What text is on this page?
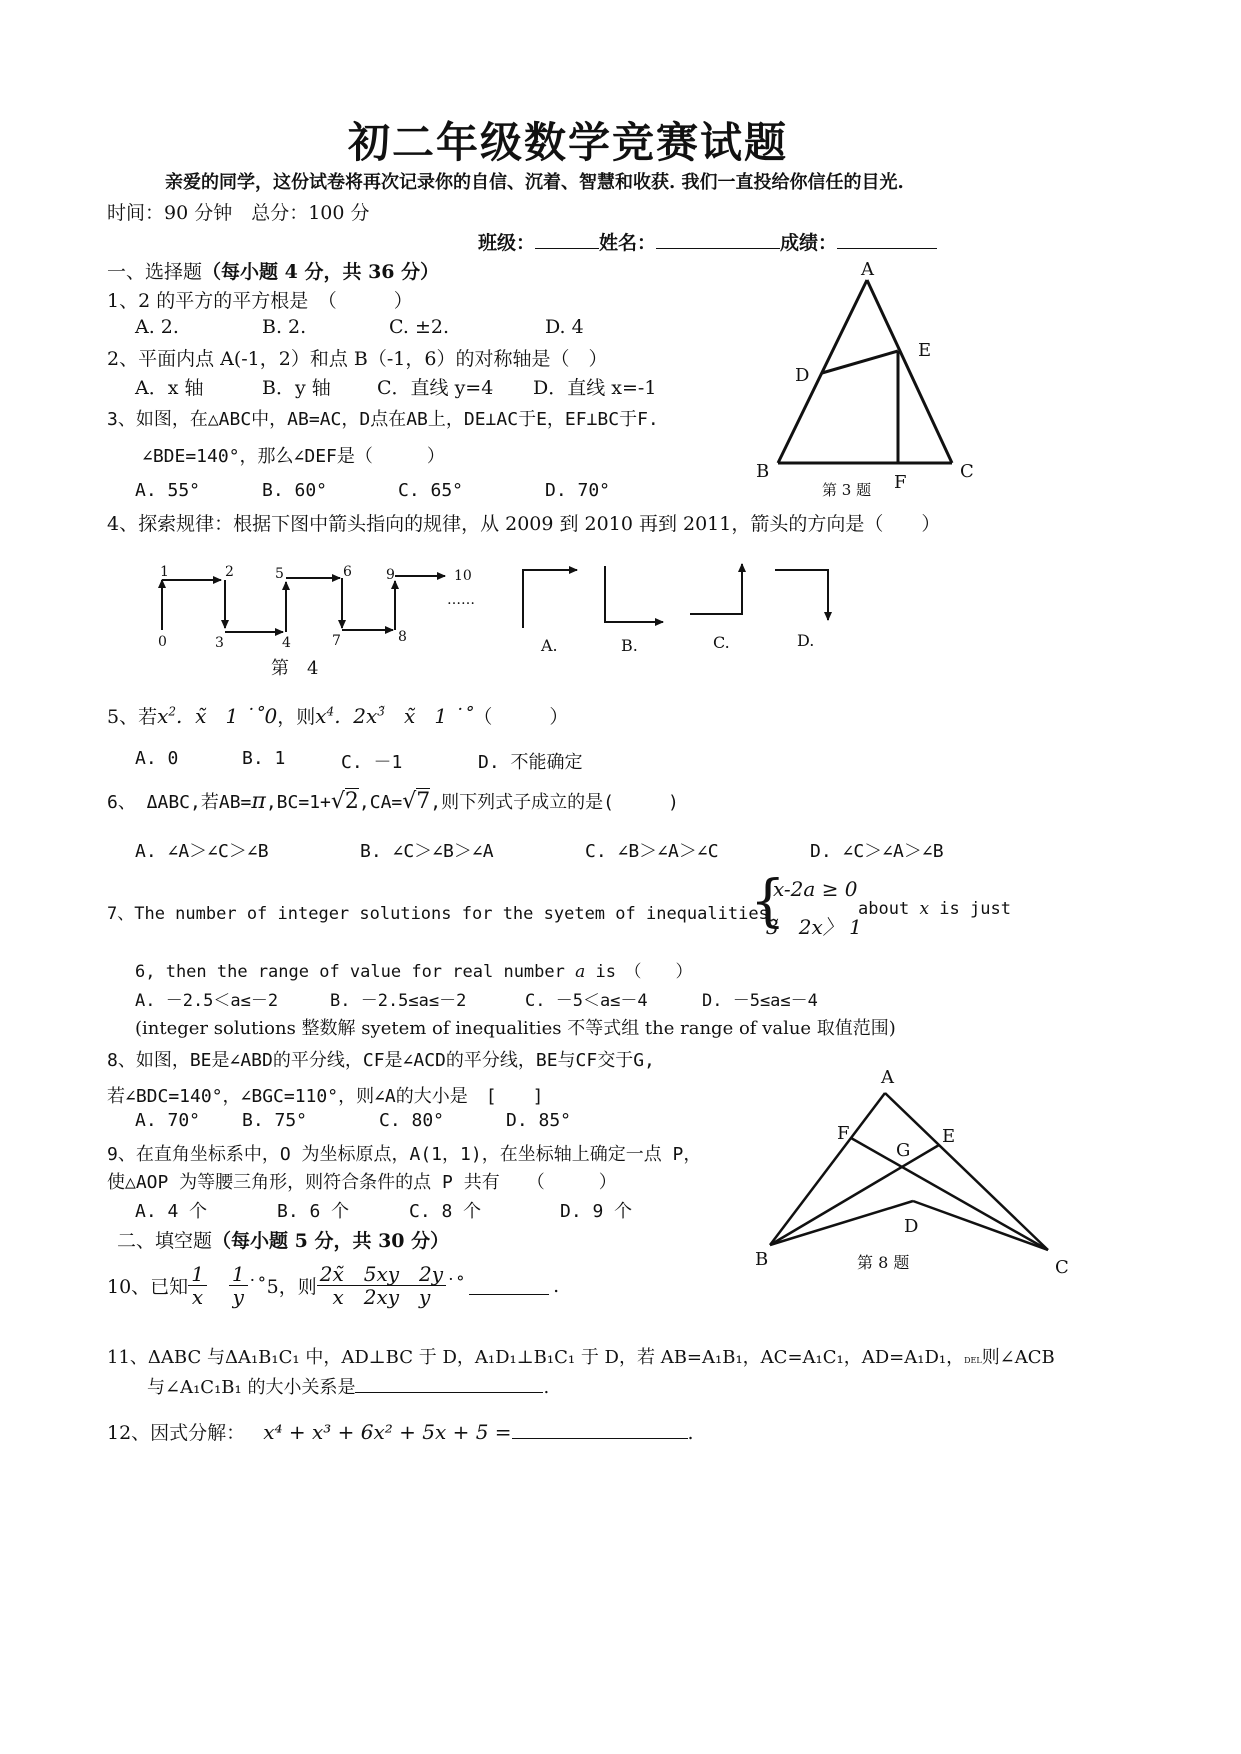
初二年级数学竞赛试题
亲爱的同学，这份试卷将再次记录你的自信、沉着、智慧和收获. 我们一直投给你信任的目光.
时间：90 分钟　总分：100 分
班级：	姓名：	成绩：
一、选择题（每小题 4 分，共 36 分）
1、2 的平方的平方根是　（　　　）
A. 2.	B. 2.	C. ±2.	D. 4
2、平面内点 A(-1，2）和点 B（-1，6）的对称轴是（　）
A．x 轴	B．y 轴 C．直线 y=4 D．直线 x=-1
3、如图，在△ABC中，AB=AC，D点在AB上，DE⊥AC于E，EF⊥BC于F.
∠BDE=140°，那么∠DEF是（　　　）
A. 55°	B. 60°	C. 65°	D. 70°
A
B	C
D
E
F
第 3 题
4、探索规律：根据下图中箭头指向的规律，从 2009 到 2010 再到 2011，箭头的方向是（　　）
0
1	2
3	4
5	6
7	8
9	10
……
A.	B.	C.	D.
第　4
5、若$x^2$.  x̃   1 ˙˚0，则$x^4$.  $2x^{3̃}$   x̃   1 ˙˚（　　　）
A. 0	B. 1	C. －1	D. 不能确定
6、 ΔABC,若AB=π,BC=1+√2,CA=√7,则下列式子成立的是(　　　)
A. ∠A＞∠C＞∠B	B. ∠C＞∠B＞∠A	C. ∠B＞∠A＞∠C	D. ∠C＞∠A＞∠B
7、The number of integer solutions for the syetem of inequalities
{
x-2a ≥ 0
3̃　2x〉 1
about x is just
6, then the range of value for real number a is　（　　）
A. －2.5＜a≤－2	B. －2.5≤a≤－2	C. －5＜a≤－4	D. －5≤a≤－4
(integer solutions 整数解 syetem of inequalities 不等式组 the range of value 取值范围)
8、如图，BE是∠ABD的平分线，CF是∠ACD的平分线，BE与CF交于G,
若∠BDC=140°，∠BGC=110°，则∠A的大小是　[　　]
A. 70° B. 75°	C. 80°	D. 85°
A
B	C
D
E
F
G
第 8 题
9、在直角坐标系中，O 为坐标原点，A(1，1)，在坐标轴上确定一点 P，
使△AOP 为等腰三角形，则符合条件的点 P 共有　　（　　　）
A. 4 个	B. 6 个	C. 8 个	D. 9 个
二、填空题（每小题 5 分，共 30 分）
10、已知 $\frac{1}{x} \frac{1}{y}$ ˙˚5，则 $\frac{2x̃ 5xy 2y}{\text{x　2xy　y}}$ ˙˚	.
11、ΔABC 与ΔA₁B₁C₁ 中，AD⊥BC 于 D，A₁D₁⊥B₁C₁ 于 D，若 AB=A₁B₁，AC=A₁C₁，AD=A₁D₁，DEL则∠ACB
与∠A₁C₁B₁ 的大小关系是	.
12、因式分解： x⁴ + x³ + 6x² + 5x + 5 =	.
